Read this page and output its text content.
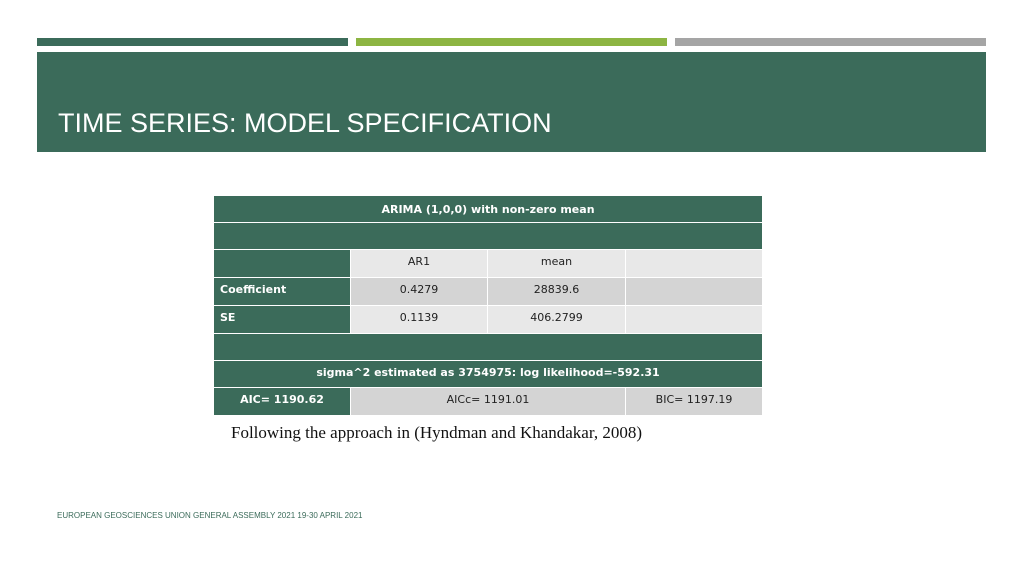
TIME SERIES: MODEL SPECIFICATION
ARIMA (1,0,0) with non-zero mean			

	AR1	mean	
Coefficient	0.4279	28839.6	
SE	0.1139	406.2799	

sigma^2 estimated as 3754975: log likelihood=-592.31			
AIC= 1190.62	AICc= 1191.01		BIC= 1197.19
Following the approach in (Hyndman and Khandakar, 2008)
EUROPEAN GEOSCIENCES UNION GENERAL ASSEMBLY 2021 19-30 APRIL 2021
